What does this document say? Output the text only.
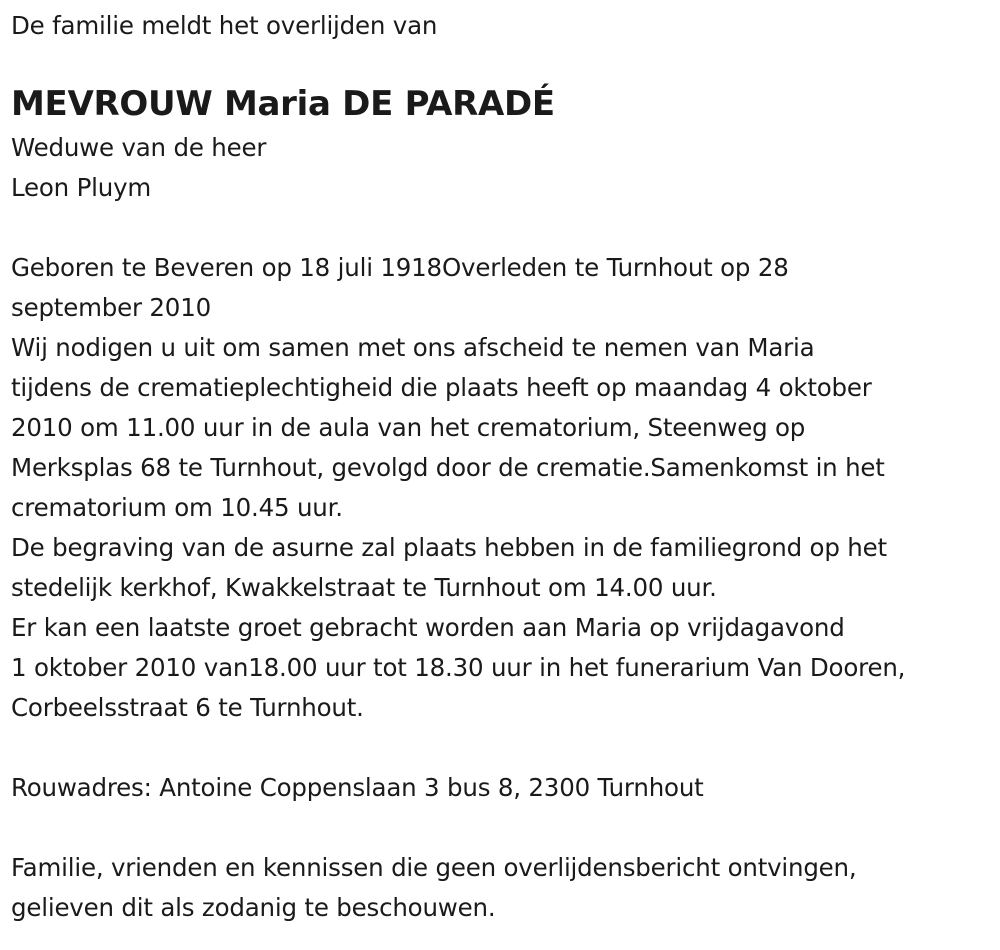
De familie meldt het overlijden van
MEVROUW Maria DE PARADÉ
Weduwe van de heer
Leon Pluym
Geboren te Beveren op 18 juli 1918Overleden te Turnhout op 28
september 2010
Wij nodigen u uit om samen met ons afscheid te nemen van Maria
tijdens de crematieplechtigheid die plaats heeft op maandag 4 oktober
2010 om 11.00 uur in de aula van het crematorium, Steenweg op
Merksplas 68 te Turnhout, gevolgd door de crematie.Samenkomst in het
crematorium om 10.45 uur.
De begraving van de asurne zal plaats hebben in de familiegrond op het
stedelijk kerkhof, Kwakkelstraat te Turnhout om 14.00 uur.
Er kan een laatste groet gebracht worden aan Maria op vrijdagavond
1 oktober 2010 van18.00 uur tot 18.30 uur in het funerarium Van Dooren,
Corbeelsstraat 6 te Turnhout.
Rouwadres: Antoine Coppenslaan 3 bus 8, 2300 Turnhout
Familie, vrienden en kennissen die geen overlijdensbericht ontvingen,
gelieven dit als zodanig te beschouwen.
